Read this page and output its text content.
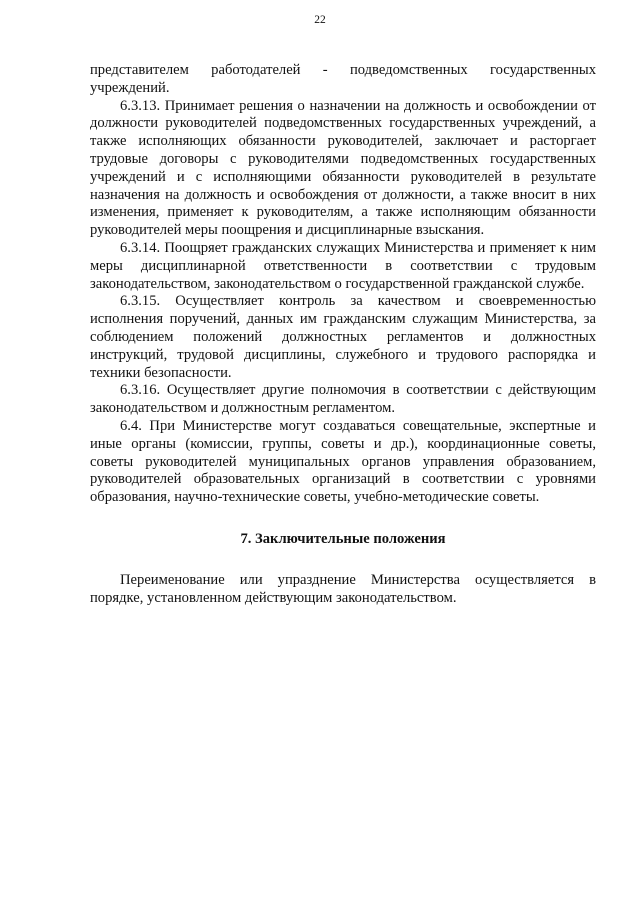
22

представителем работодателей - подведомственных государственных учреждений.

6.3.13. Принимает решения о назначении на должность и освобождении от должности руководителей подведомственных государственных учреждений, а также исполняющих обязанности руководителей, заключает и расторгает трудовые договоры с руководителями подведомственных государственных учреждений и с исполняющими обязанности руководителей в результате назначения на должность и освобождения от должности, а также вносит в них изменения, применяет к руководителям, а также исполняющим обязанности руководителей меры поощрения и дисциплинарные взыскания.

6.3.14. Поощряет гражданских служащих Министерства и применяет к ним меры дисциплинарной ответственности в соответствии с трудовым законодательством, законодательством о государственной гражданской службе.

6.3.15. Осуществляет контроль за качеством и своевременностью исполнения поручений, данных им гражданским служащим Министерства, за соблюдением положений должностных регламентов и должностных инструкций, трудовой дисциплины, служебного и трудового распорядка и техники безопасности.

6.3.16. Осуществляет другие полномочия в соответствии с действующим законодательством и должностным регламентом.

6.4. При Министерстве могут создаваться совещательные, экспертные и иные органы (комиссии, группы, советы и др.), координационные советы, советы руководителей муниципальных органов управления образованием, руководителей образовательных организаций в соответствии с уровнями образования, научно-технические советы, учебно-методические советы.

7. Заключительные положения

Переименование или упразднение Министерства осуществляется в порядке, установленном действующим законодательством.
